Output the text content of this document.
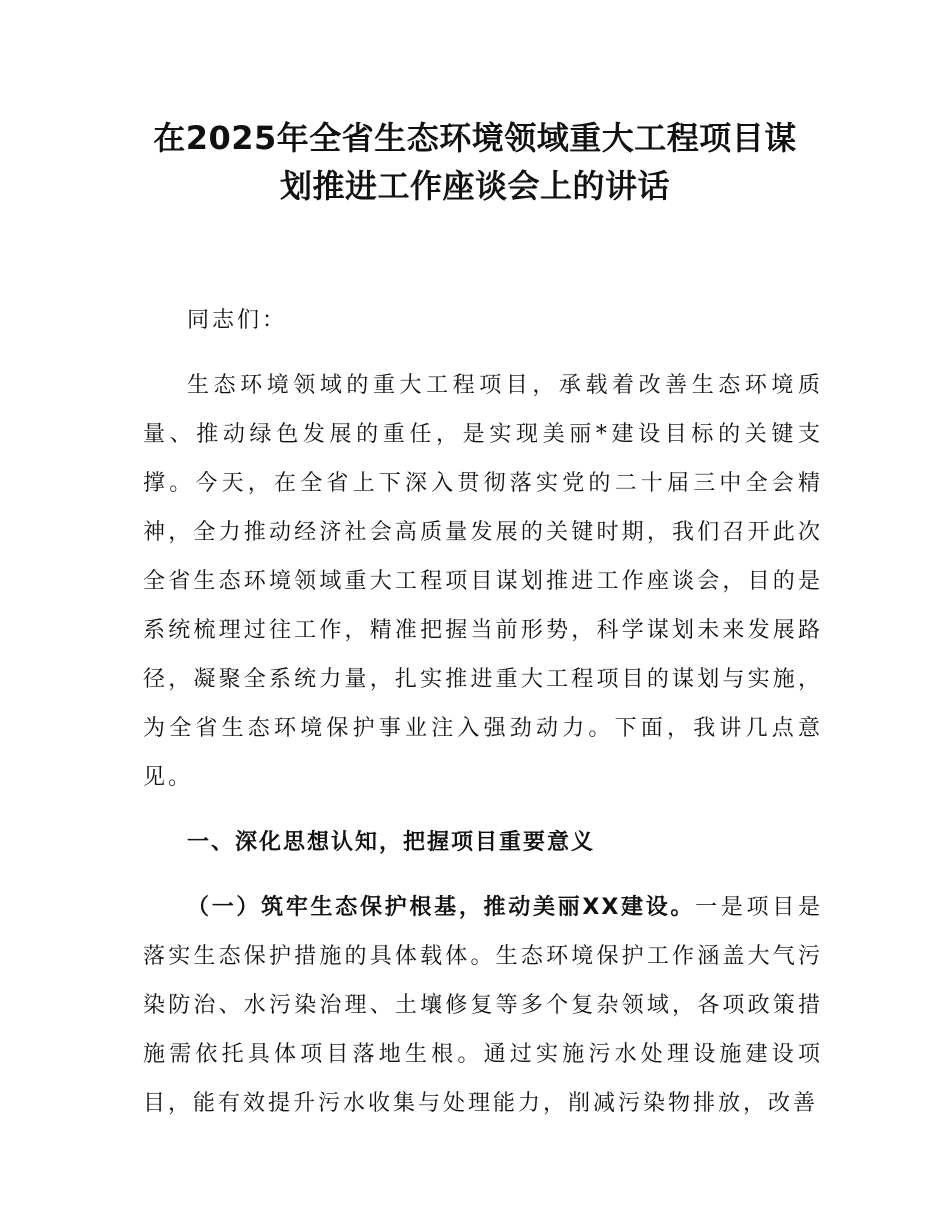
在2025年全省生态环境领域重大工程项目谋
划推进工作座谈会上的讲话

同志们：

生态环境领域的重大工程项目，承载着改善生态环境质量、推动绿色发展的重任，是实现美丽*建设目标的关键支撑。今天，在全省上下深入贯彻落实党的二十届三中全会精神，全力推动经济社会高质量发展的关键时期，我们召开此次全省生态环境领域重大工程项目谋划推进工作座谈会，目的是系统梳理过往工作，精准把握当前形势，科学谋划未来发展路径，凝聚全系统力量，扎实推进重大工程项目的谋划与实施，为全省生态环境保护事业注入强劲动力。下面，我讲几点意见。

一、深化思想认知，把握项目重要意义

（一）筑牢生态保护根基，推动美丽XX建设。一是项目是落实生态保护措施的具体载体。生态环境保护工作涵盖大气污染防治、水污染治理、土壤修复等多个复杂领域，各项政策措施需依托具体项目落地生根。通过实施污水处理设施建设项目，能有效提升污水收集与处理能力，削减污染物排放，改善
